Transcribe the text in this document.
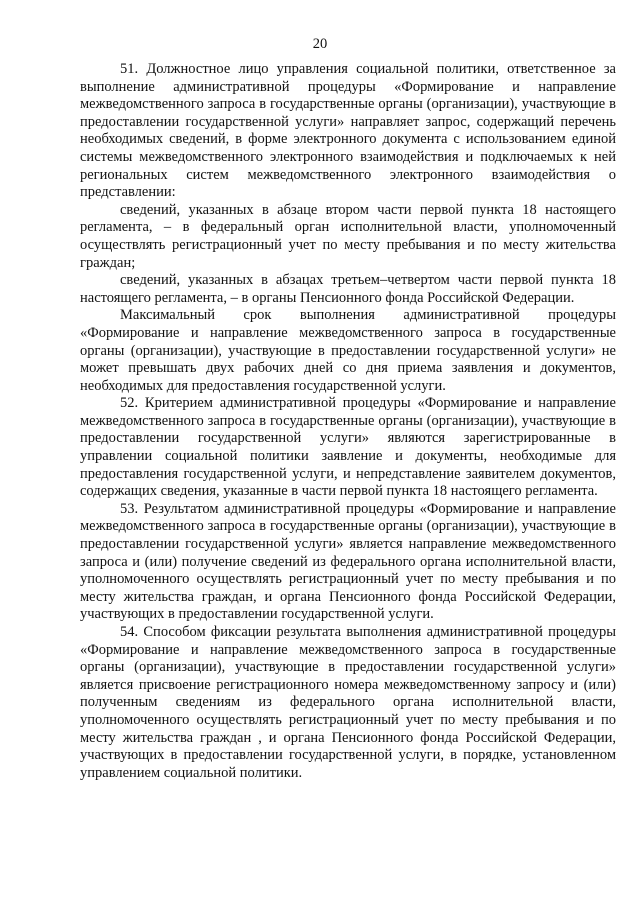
20

51. Должностное лицо управления социальной политики, ответственное за выполнение административной процедуры «Формирование и направление межведомственного запроса в государственные органы (организации), участвующие в предоставлении государственной услуги» направляет запрос, содержащий перечень необходимых сведений, в форме электронного документа с использованием единой системы межведомственного электронного взаимодействия и подключаемых к ней региональных систем межведомственного электронного взаимодействия о представлении:

сведений, указанных в абзаце втором части первой пункта 18 настоящего регламента, – в федеральный орган исполнительной власти, уполномоченный осуществлять регистрационный учет по месту пребывания и по месту жительства граждан;

сведений, указанных в абзацах третьем–четвертом части первой пункта 18 настоящего регламента, – в органы Пенсионного фонда Российской Федерации.

Максимальный срок выполнения административной процедуры «Формирование и направление межведомственного запроса в государственные органы (организации), участвующие в предоставлении государственной услуги» не может превышать двух рабочих дней со дня приема заявления и документов, необходимых для предоставления государственной услуги.

52. Критерием административной процедуры «Формирование и направление межведомственного запроса в государственные органы (организации), участвующие в предоставлении государственной услуги» являются зарегистрированные в управлении социальной политики заявление и документы, необходимые для предоставления государственной услуги, и непредставление заявителем документов, содержащих сведения, указанные в части первой пункта 18 настоящего регламента.

53. Результатом административной процедуры «Формирование и направление межведомственного запроса в государственные органы (организации), участвующие в предоставлении государственной услуги» является направление межведомственного запроса и (или) получение сведений из федерального органа исполнительной власти, уполномоченного осуществлять регистрационный учет по месту пребывания и по месту жительства граждан, и органа Пенсионного фонда Российской Федерации, участвующих в предоставлении государственной услуги.

54. Способом фиксации результата выполнения административной процедуры «Формирование и направление межведомственного запроса в государственные органы (организации), участвующие в предоставлении государственной услуги» является присвоение регистрационного номера межведомственному запросу и (или) полученным сведениям из федерального органа исполнительной власти, уполномоченного осуществлять регистрационный учет по месту пребывания и по месту жительства граждан , и органа Пенсионного фонда Российской Федерации, участвующих в предоставлении государственной услуги, в порядке, установленном управлением социальной политики.
